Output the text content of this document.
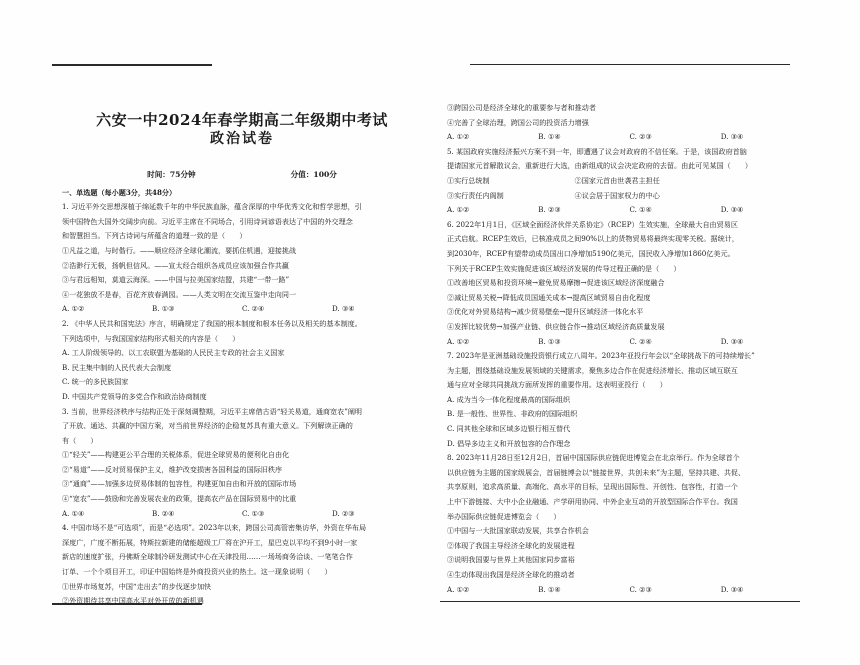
六安一中2024年春学期高二年级期中考试
政治试卷
时间：75分钟	分值：100分
一、单选题（每小题3分，共48分）
1. 习近平外交思想深植于绵延数千年的中华民族血脉，蕴含深厚的中华优秀文化和哲学思想，引
领中国特色大国外交阔步向前。习近平主席在不同场合，引用诗词谚语表达了中国的外交理念
和智慧担当。下列古诗词与所蕴含的道理一致的是（　　）
①凡益之道，与时偕行。——顺应经济全球化潮流，要抓住机遇，迎接挑战
②浩渺行无极，扬帆但信风。——宣太经合组织各成员应该加强合作共赢
③与君远相知，莫道云海深。——中国与拉美国家结盟，共建“一带一路”
④一花独放不是春，百花齐放春满园。——人类文明在交流互鉴中走向同一
A. ①②	B. ①③	C. ②④	D. ③④
2. 《中华人民共和国宪法》序言，明确规定了我国的根本制度和根本任务以及相关的基本制度。
下列选项中，与我国国家结构形式相关的内容是（　　）
A. 工人阶级领导的、以工农联盟为基础的人民民主专政的社会主义国家
B. 民主集中制的人民代表大会制度
C. 统一的多民族国家
D. 中国共产党领导的多党合作和政治协商制度
3. 当前，世界经济秩序与结构正处于深刻调整期，习近平主席借古语“轻关易道，通商宽农”阐明
了开放、通达、共赢的中国方案，对当前世界经济的企稳复苏具有重大意义。下列解读正确的
有（　　）
①“轻关”——构建更公平合理的关税体系，促进全球贸易的便利化自由化
②“易道”——反对贸易保护主义，维护改变损害各国利益的国际旧秩序
③“通商”——加强多边贸易体制的包容性，构建更加自由和开放的国际市场
④“宽农”——鼓励和完善发展农业的政策，提高农产品在国际贸易中的比重
A. ①④	B. ②④	C. ①③	D. ②③
4. 中国市场不是“可选项”，而是“必选项”。2023年以来，跨国公司高管密集访华，外资在华布局
深度广，广度不断拓展，特斯拉新建的储能超级工厂将在沪开工，星巴克以平均不到9小时一家
新店的速度扩张，丹佛斯全球制冷研发测试中心在天津投用……一场场商务洽谈、一笔笔合作
订单、一个个项目开工，印证中国始终是外商投资兴业的热土。这一现象说明（　　）
①世界市场复苏，中国“走出去”的步伐逐步加快
②外资期待共享中国高水平对外开放的新机遇
③跨国公司是经济全球化的重要参与者和推动者
④完善了全球治理，跨国公司的投资活力增强
A. ①②	B. ①④	C. ②③	D. ③④
5. 某国政府实施经济振兴方案不到一年，即遭遇了议会对政府的不信任案。于是，该国政府首脑
提请国家元首解散议会，重新进行大选，由新组成的议会决定政府的去留。由此可见某国（　　）
①实行总统制　　　　　　　　　　　　②国家元首由世袭君主担任
③实行责任内阁制　　　　　　　　　　④议会居于国家权力的中心
A. ①②	B. ②③	C. ①④	D. ③④
6. 2022年1月1日，《区域全面经济伙伴关系协定》（RCEP）生效实施，全球最大自由贸易区
正式启航。RCEP生效后，已核准成员之间90%以上的货物贸易将最终实现零关税。据统计，
到2030年，RCEP有望带动成员国出口净增加5190亿美元，国民收入净增加1860亿美元。
下列关于RCEP生效实施促进该区域经济发展的传导过程正确的是（　　）
①改善地区贸易和投资环境→避免贸易摩擦→促进该区域经济深度融合
②减让贸易关税→降低成员国通关成本→提高区域贸易自由化程度
③优化对外贸易结构→减少贸易壁垒→提升区域经济一体化水平
④发挥比较优势→加强产业链、供应链合作→推动区域经济高质量发展
A. ①②	B. ①③	C. ②④	D. ③④
7. 2023年是亚洲基础设施投资银行成立八周年。2023年亚投行年会以“全球挑战下的可持续增长”
为主题，围绕基础设施发展领域的关键需求，聚焦多边合作在促进经济增长、推动区域互联互
通与应对全球共同挑战方面所发挥的重要作用。这表明亚投行（　　）
A. 成为当今一体化程度最高的国际组织
B. 是一般性、世界性、非政府的国际组织
C. 同其他全球和区域多边银行相互替代
D. 倡导多边主义和开放包容的合作理念
8. 2023年11月28日至12月2日，首届中国国际供应链促进博览会在北京举行。作为全球首个
以供应链为主题的国家级展会，首届链博会以“链接世界，共创未来”为主题，坚持共建、共促、
共享原则，追求高质量、高端化、高水平的目标，呈现出国际性、开创性、包容性，打造一个
上中下游链接、大中小企业融通、产学研用协同、中外企业互动的开放型国际合作平台。我国
举办国际供应链促进博览会（　　）
①中国与一大批国家联动发展，共享合作机会
②体现了我国主导经济全球化的发展进程
③说明我国要与世界上其他国家同步富裕
④生动体现出我国是经济全球化的推动者
A. ①②	B. ①④	C. ②③	D. ③④
